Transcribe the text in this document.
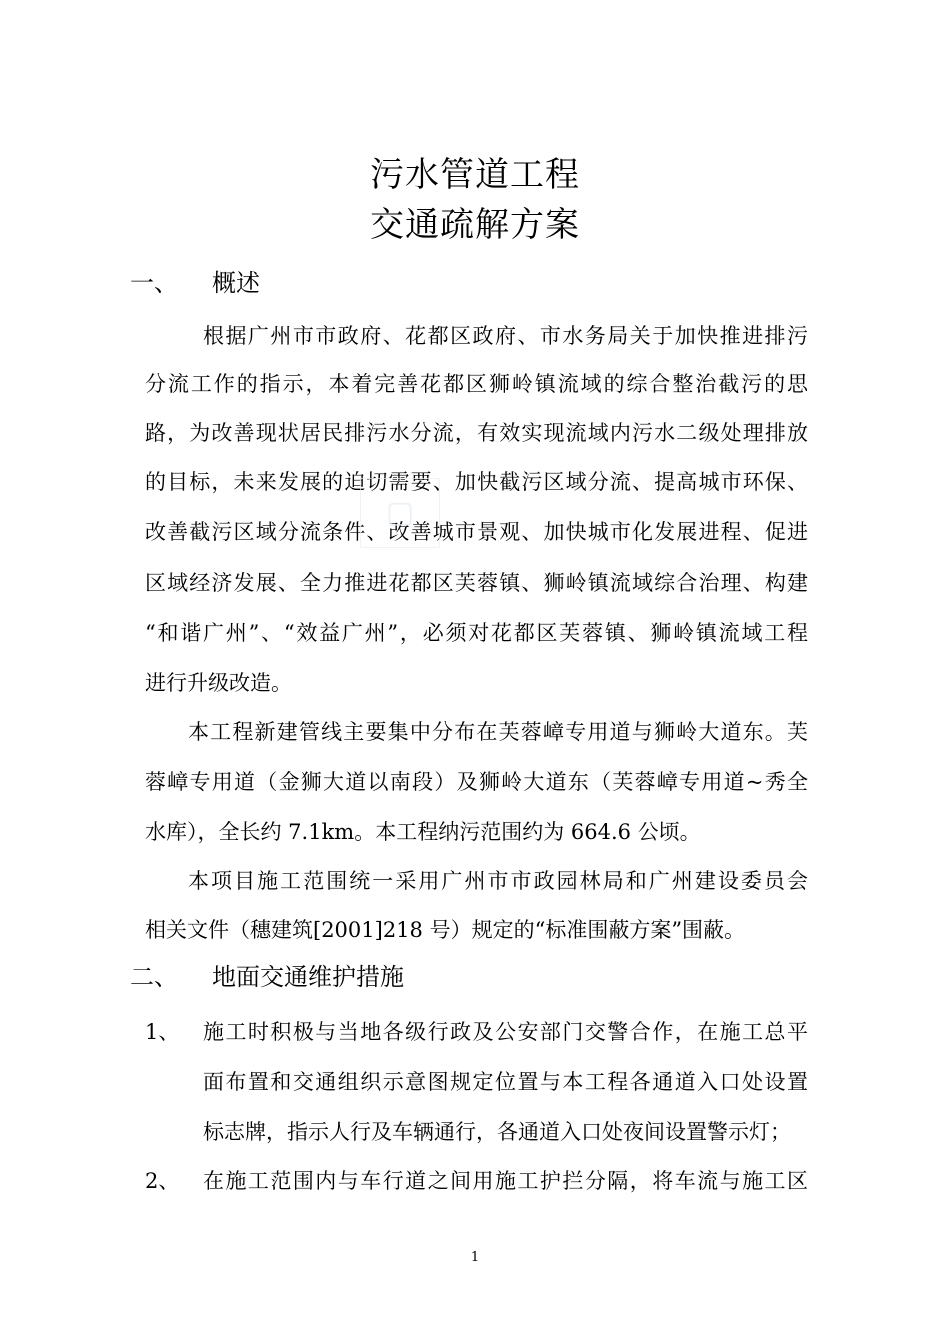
污水管道工程
交通疏解方案
一、 概述
根据广州市市政府、花都区政府、市水务局关于加快推进排污
分流工作的指示，本着完善花都区狮岭镇流域的综合整治截污的思
路，为改善现状居民排污水分流，有效实现流域内污水二级处理排放
的目标，未来发展的迫切需要、加快截污区域分流、提高城市环保、
改善截污区域分流条件、改善城市景观、加快城市化发展进程、促进
区域经济发展、全力推进花都区芙蓉镇、狮岭镇流域综合治理、构建
“和谐广州”、“效益广州”，必须对花都区芙蓉镇、狮岭镇流域工程
进行升级改造。
本工程新建管线主要集中分布在芙蓉嶂专用道与狮岭大道东。芙
蓉嶂专用道（金狮大道以南段）及狮岭大道东（芙蓉嶂专用道~秀全
水库），全长约 7.1km。本工程纳污范围约为 664.6 公顷。
本项目施工范围统一采用广州市市政园林局和广州建设委员会
相关文件（穗建筑[2001]218 号）规定的“标准围蔽方案”围蔽。
二、 地面交通维护措施
1、 施工时积极与当地各级行政及公安部门交警合作，在施工总平
面布置和交通组织示意图规定位置与本工程各通道入口处设置
标志牌，指示人行及车辆通行，各通道入口处夜间设置警示灯；
2、 在施工范围内与车行道之间用施工护拦分隔，将车流与施工区
▢
1
